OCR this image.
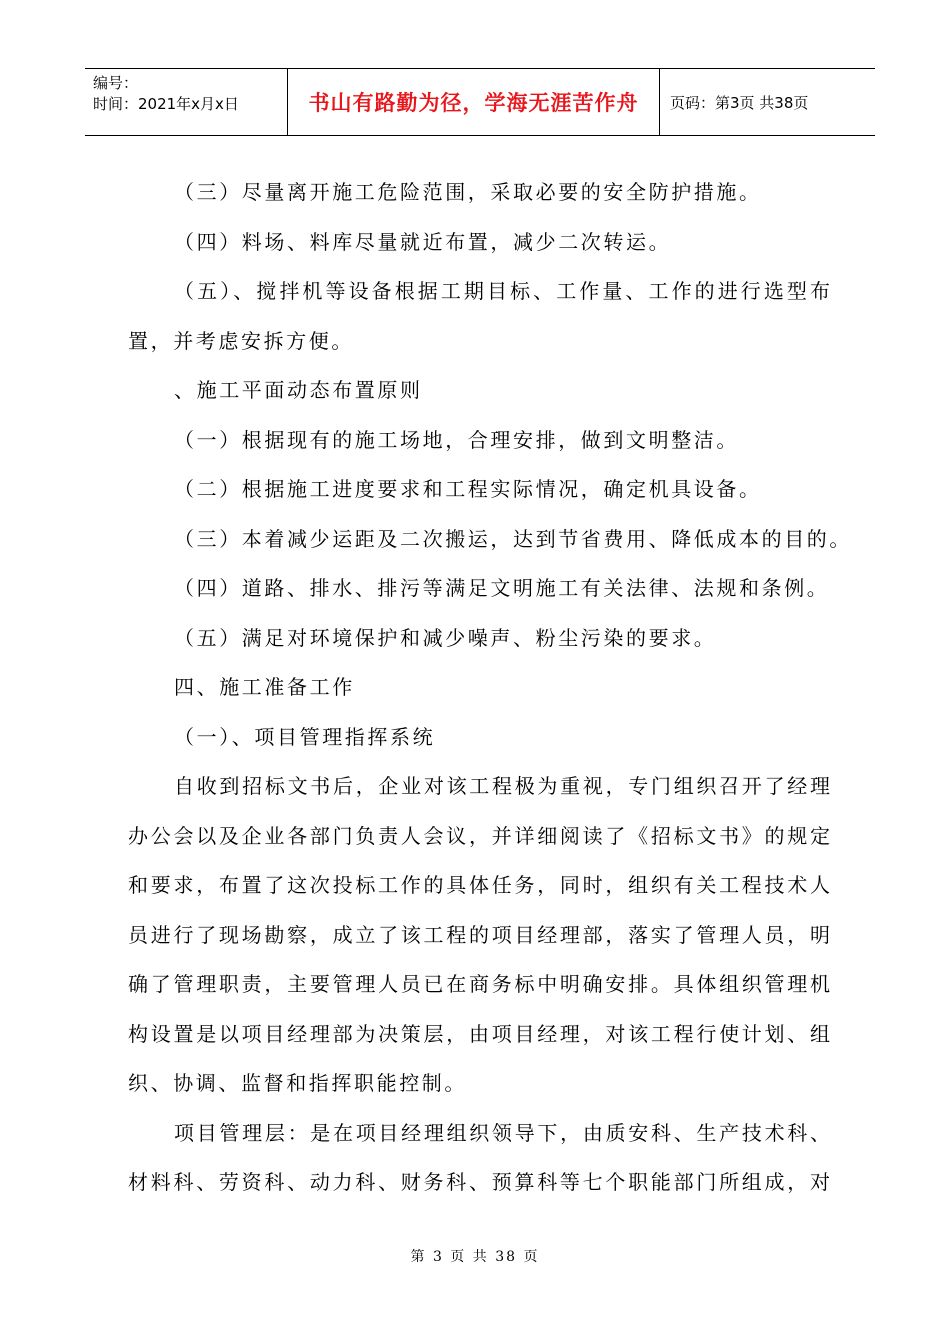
编号：
时间：2021年x月x日	书山有路勤为径，学海无涯苦作舟 页码：第3页 共38页
（三）尽量离开施工危险范围，采取必要的安全防护措施。
（四）料场、料库尽量就近布置，减少二次转运。
（五）、搅拌机等设备根据工期目标、工作量、工作的进行选型布
置，并考虑安拆方便。
、施工平面动态布置原则
（一）根据现有的施工场地，合理安排，做到文明整洁。
（二）根据施工进度要求和工程实际情况，确定机具设备。
（三）本着减少运距及二次搬运，达到节省费用、降低成本的目的。
（四）道路、排水、排污等满足文明施工有关法律、法规和条例。
（五）满足对环境保护和减少噪声、粉尘污染的要求。
四、施工准备工作
（一）、项目管理指挥系统
自收到招标文书后，企业对该工程极为重视，专门组织召开了经理
办公会以及企业各部门负责人会议，并详细阅读了《招标文书》的规定
和要求，布置了这次投标工作的具体任务，同时，组织有关工程技术人
员进行了现场勘察，成立了该工程的项目经理部，落实了管理人员，明
确了管理职责，主要管理人员已在商务标中明确安排。具体组织管理机
构设置是以项目经理部为决策层，由项目经理，对该工程行使计划、组
织、协调、监督和指挥职能控制。
项目管理层：是在项目经理组织领导下，由质安科、生产技术科、
材料科、劳资科、动力科、财务科、预算科等七个职能部门所组成，对
第 3 页 共 38 页
